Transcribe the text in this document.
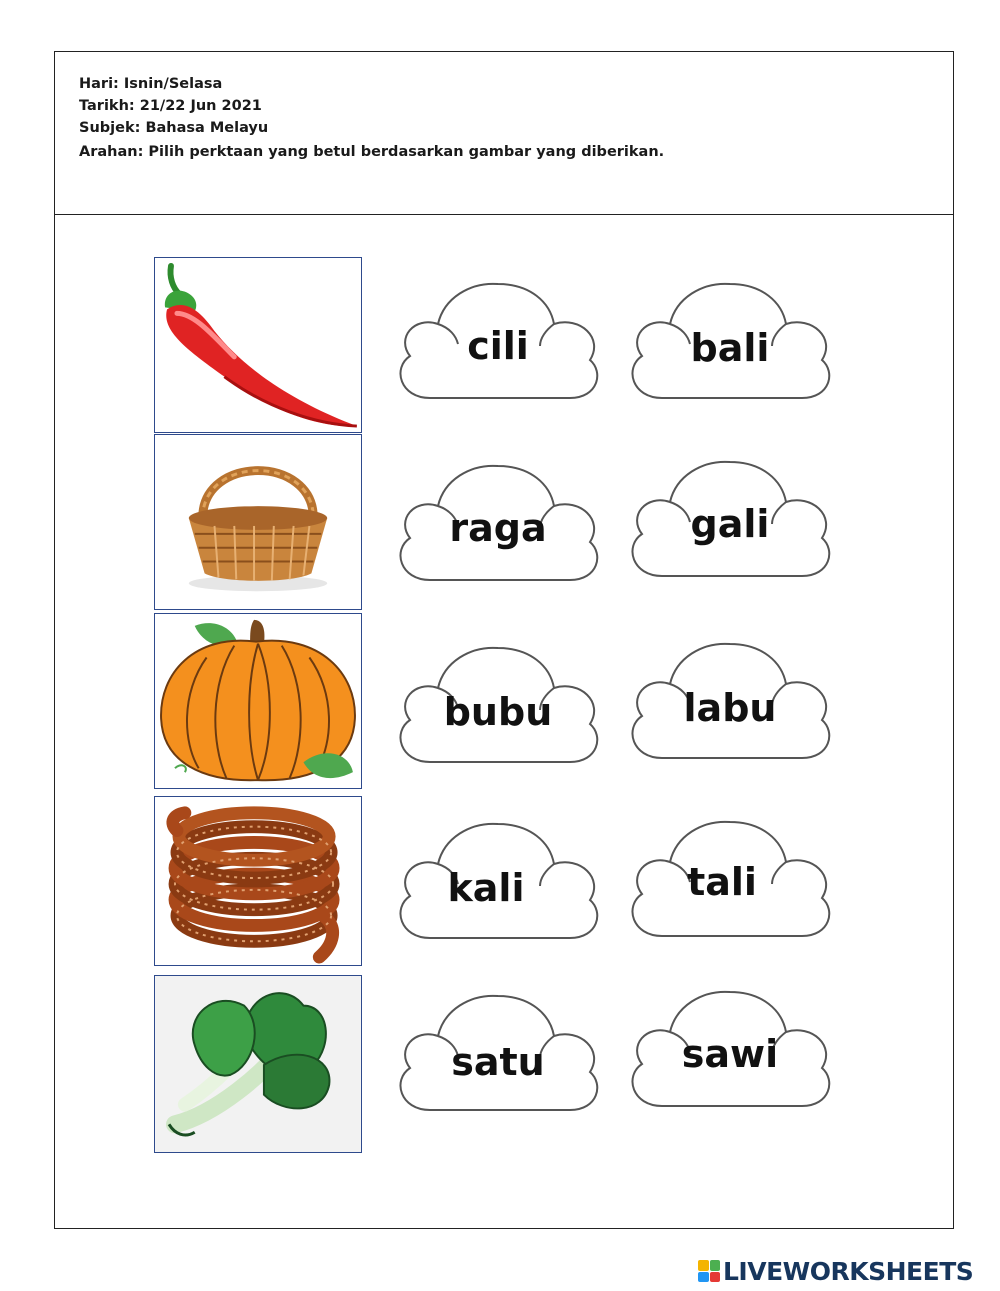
Hari: Isnin/Selasa
Tarikh: 21/22 Jun 2021
Subjek: Bahasa Melayu
Arahan: Pilih perktaan yang betul berdasarkan gambar yang diberikan.
cili	bali
raga	gali
bubu	labu
kali	tali
satu	sawi
LIVEWORKSHEETS
